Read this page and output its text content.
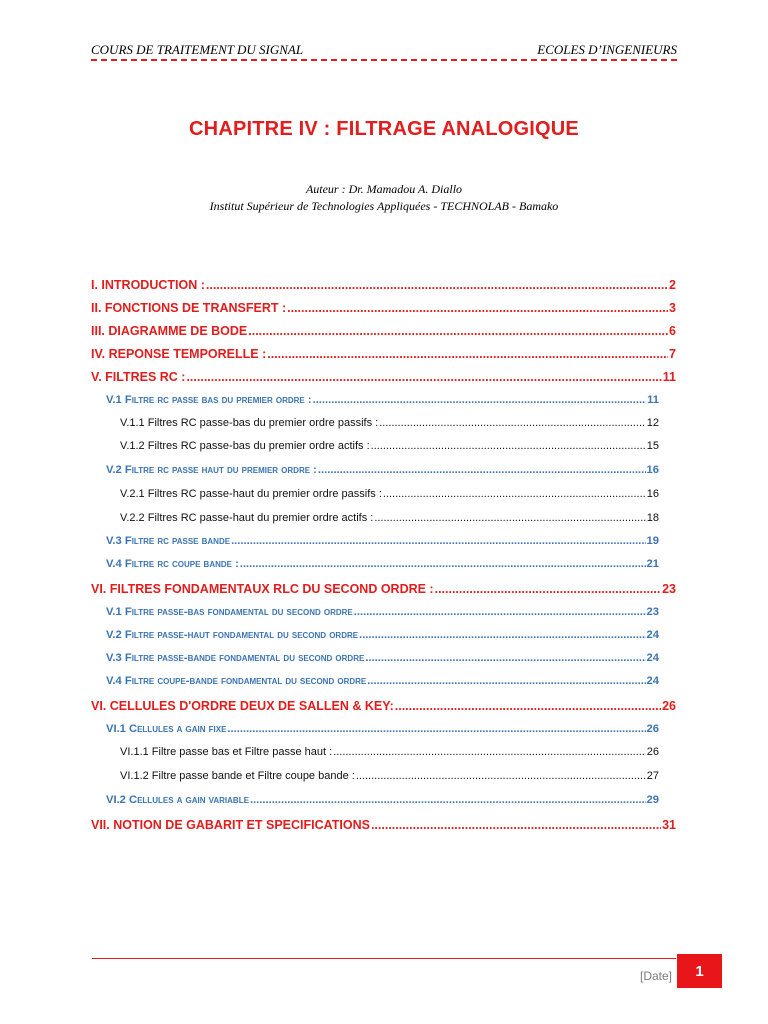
COURS DE TRAITEMENT DU SIGNAL	ECOLES D’INGENIEURS
CHAPITRE IV : FILTRAGE ANALOGIQUE
Auteur : Dr. Mamadou A. Diallo
Institut Supérieur de Technologies Appliquées - TECHNOLAB - Bamako
I. INTRODUCTION : .....	2
II. FONCTIONS DE TRANSFERT : .....	3
III. DIAGRAMME DE BODE .....	6
IV. REPONSE TEMPORELLE : .....	7
V. FILTRES RC : .....	11
V.1 Filtre rc passe bas du premier ordre : .....	11
V.1.1 Filtres RC passe-bas du premier ordre passifs : .....	12
V.1.2 Filtres RC passe-bas du premier ordre actifs : .....	15
V.2 Filtre rc passe haut du premier ordre : .....	16
V.2.1 Filtres RC passe-haut du premier ordre passifs : .....	16
V.2.2 Filtres RC passe-haut du premier ordre actifs : .....	18
V.3 Filtre rc passe bande .....	19
V.4 Filtre rc coupe bande : .....	21
VI. FILTRES FONDAMENTAUX RLC DU SECOND ORDRE : .....	23
V.1 Filtre passe-bas fondamental du second ordre .....	23
V.2 Filtre passe-haut fondamental du second ordre .....	24
V.3 Filtre passe-bande fondamental du second ordre .....	24
V.4 Filtre coupe-bande fondamental du second ordre .....	24
VI. CELLULES D'ORDRE DEUX DE SALLEN & KEY: .....	26
VI.1 Cellules a gain fixe .....	26
VI.1.1 Filtre passe bas et Filtre passe haut : .....	26
VI.1.2 Filtre passe bande et Filtre coupe bande : .....	27
VI.2 Cellules a gain variable .....	29
VII. NOTION DE GABARIT ET SPECIFICATIONS .....	31
[Date] 1
